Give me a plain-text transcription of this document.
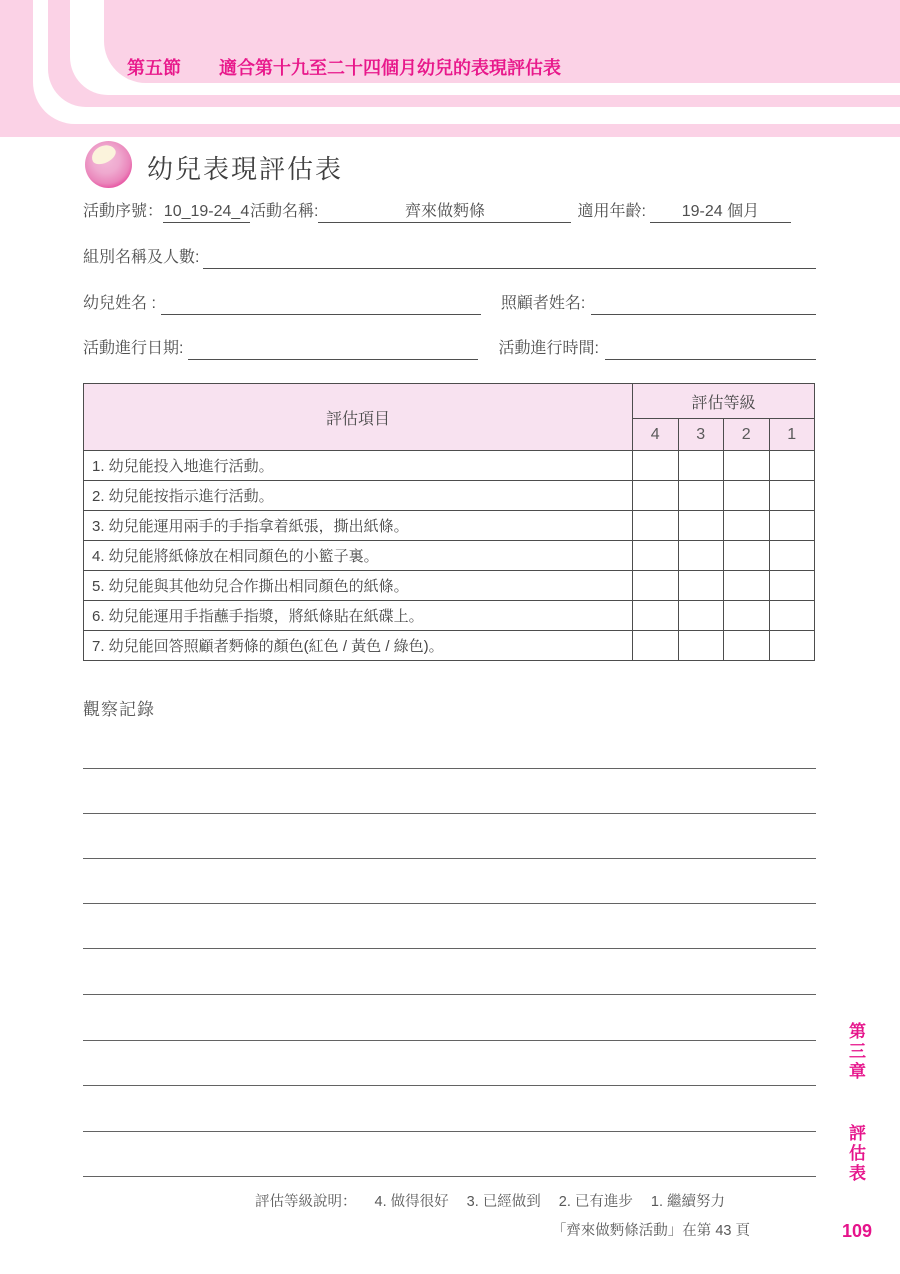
第五節 適合第十九至二十四個月幼兒的表現評估表
幼兒表現評估表
活動序號： 10_19-24_4 活動名稱:	齊來做麪條	適用年齡:	19-24 個月
組別名稱及人數:
幼兒姓名 :	照顧者姓名:
活動進行日期:	活動進行時間:
評估項目	評估等級			
	4	3	2	1
1. 幼兒能投入地進行活動。				
2. 幼兒能按指示進行活動。				
3. 幼兒能運用兩手的手指拿着紙張，撕出紙條。				
4. 幼兒能將紙條放在相同顏色的小籃子裏。				
5. 幼兒能與其他幼兒合作撕出相同顏色的紙條。				
6. 幼兒能運用手指蘸手指漿，將紙條貼在紙碟上。				
7. 幼兒能回答照顧者麪條的顏色(紅色 / 黃色 / 綠色)。				
觀察記錄
第三章 評估表
評估等級說明： 4. 做得很好 3. 已經做到 2. 已有進步 1. 繼續努力
「齊來做麪條活動」在第 43 頁	109
